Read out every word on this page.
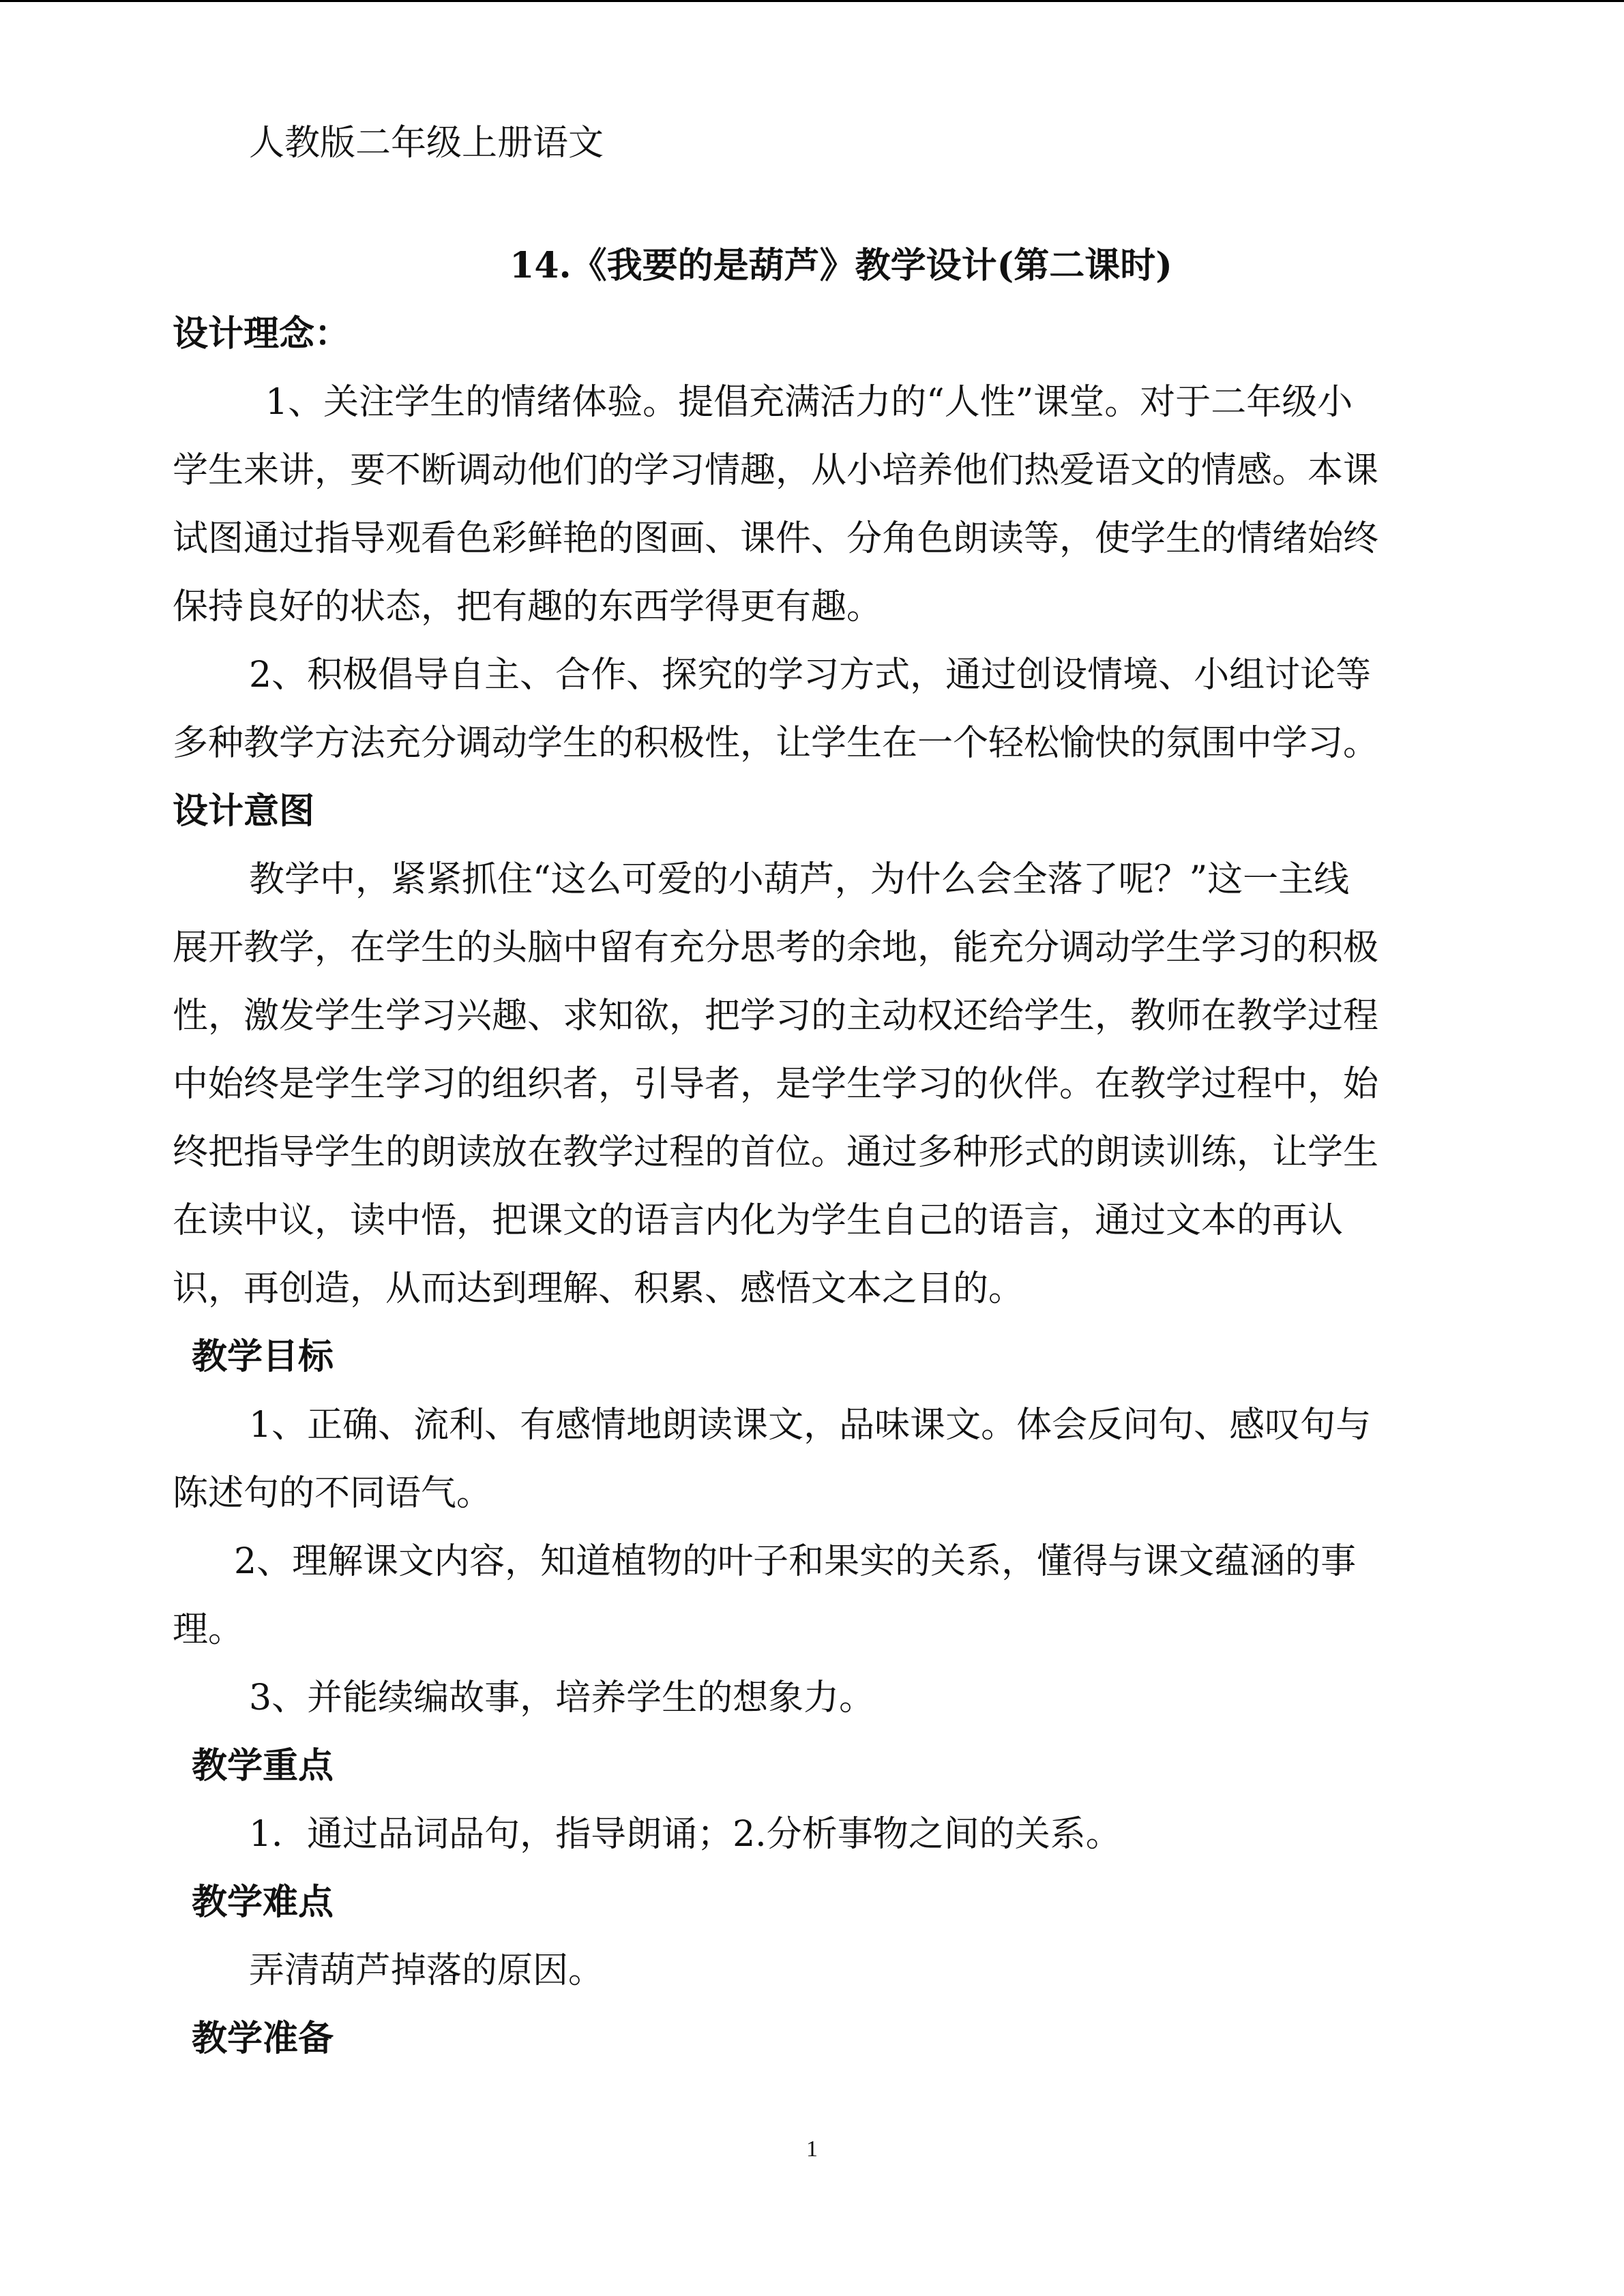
人教版二年级上册语文
14.《我要的是葫芦》教学设计(第二课时)
设计理念：

1、关注学生的情绪体验。提倡充满活力的“人性”课堂。对于二年级小

学生来讲，要不断调动他们的学习情趣，从小培养他们热爱语文的情感。本课

试图通过指导观看色彩鲜艳的图画、课件、分角色朗读等，使学生的情绪始终

保持良好的状态，把有趣的东西学得更有趣。

2、积极倡导自主、合作、探究的学习方式，通过创设情境、小组讨论等

多种教学方法充分调动学生的积极性，让学生在一个轻松愉快的氛围中学习。

设计意图

教学中，紧紧抓住“这么可爱的小葫芦，为什么会全落了呢？”这一主线

展开教学，在学生的头脑中留有充分思考的余地，能充分调动学生学习的积极

性，激发学生学习兴趣、求知欲，把学习的主动权还给学生，教师在教学过程

中始终是学生学习的组织者，引导者，是学生学习的伙伴。在教学过程中，始

终把指导学生的朗读放在教学过程的首位。通过多种形式的朗读训练，让学生

在读中议，读中悟，把课文的语言内化为学生自己的语言，通过文本的再认

识，再创造，从而达到理解、积累、感悟文本之目的。

教学目标

1、正确、流利、有感情地朗读课文，品味课文。体会反问句、感叹句与

陈述句的不同语气。

2、理解课文内容，知道植物的叶子和果实的关系，懂得与课文蕴涵的事

理。

3、并能续编故事，培养学生的想象力。

教学重点

1．通过品词品句，指导朗诵；2.分析事物之间的关系。

教学难点

弄清葫芦掉落的原因。

教学准备
1
